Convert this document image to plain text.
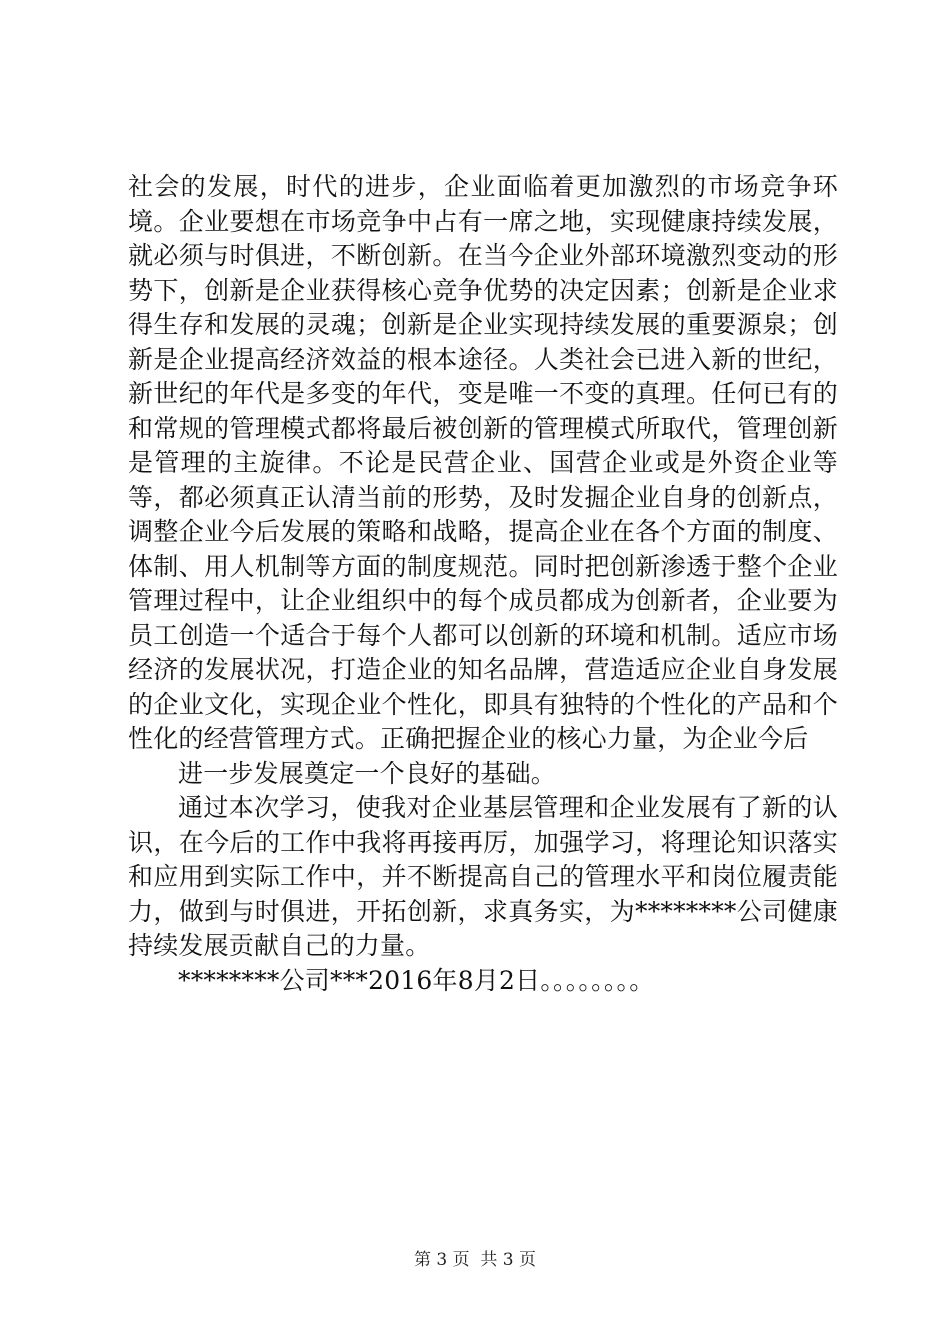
社会的发展，时代的进步，企业面临着更加激烈的市场竞争环境。企业要想在市场竞争中占有一席之地，实现健康持续发展，就必须与时俱进，不断创新。在当今企业外部环境激烈变动的形势下，创新是企业获得核心竞争优势的决定因素；创新是企业求得生存和发展的灵魂；创新是企业实现持续发展的重要源泉；创新是企业提高经济效益的根本途径。人类社会已进入新的世纪，新世纪的年代是多变的年代，变是唯一不变的真理。任何已有的和常规的管理模式都将最后被创新的管理模式所取代，管理创新是管理的主旋律。不论是民营企业、国营企业或是外资企业等等，都必须真正认清当前的形势，及时发掘企业自身的创新点，调整企业今后发展的策略和战略，提高企业在各个方面的制度、体制、用人机制等方面的制度规范。同时把创新渗透于整个企业管理过程中，让企业组织中的每个成员都成为创新者，企业要为员工创造一个适合于每个人都可以创新的环境和机制。适应市场经济的发展状况，打造企业的知名品牌，营造适应企业自身发展的企业文化，实现企业个性化，即具有独特的个性化的产品和个性化的经营管理方式。正确把握企业的核心力量，为企业今后

进一步发展奠定一个良好的基础。

通过本次学习，使我对企业基层管理和企业发展有了新的认识，在今后的工作中我将再接再厉，加强学习，将理论知识落实和应用到实际工作中，并不断提高自己的管理水平和岗位履责能力，做到与时俱进，开拓创新，求真务实，为********公司健康持续发展贡献自己的力量。

********公司***2016年8月2日。。。。。。。。

第 3 页  共 3 页
